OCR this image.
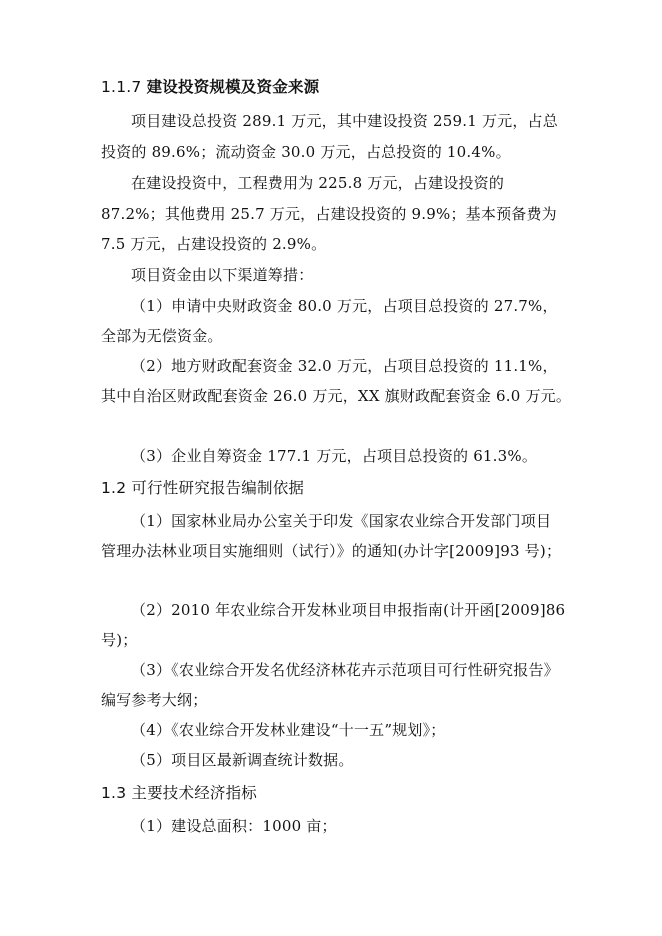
1.1.7 建设投资规模及资金来源
项目建设总投资 289.1 万元，其中建设投资 259.1 万元，占总
投资的 89.6%；流动资金 30.0 万元，占总投资的 10.4%。
在建设投资中，工程费用为 225.8 万元，占建设投资的
87.2%；其他费用 25.7 万元，占建设投资的 9.9%；基本预备费为
7.5 万元，占建设投资的 2.9%。
项目资金由以下渠道筹措：
（1）申请中央财政资金 80.0 万元，占项目总投资的 27.7%，
全部为无偿资金。
（2）地方财政配套资金 32.0 万元，占项目总投资的 11.1%，
其中自治区财政配套资金 26.0 万元，XX 旗财政配套资金 6.0 万元。
（3）企业自筹资金 177.1 万元，占项目总投资的 61.3%。
1.2 可行性研究报告编制依据
（1）国家林业局办公室关于印发《国家农业综合开发部门项目
管理办法林业项目实施细则（试行）》的通知(办计字[2009]93 号)；
（2）2010 年农业综合开发林业项目申报指南(计开函[2009]86
号)；
（3）《农业综合开发名优经济林花卉示范项目可行性研究报告》
编写参考大纲；
（4）《农业综合开发林业建设“十一五”规划》；
（5）项目区最新调查统计数据。
1.3 主要技术经济指标
（1）建设总面积：1000 亩；
